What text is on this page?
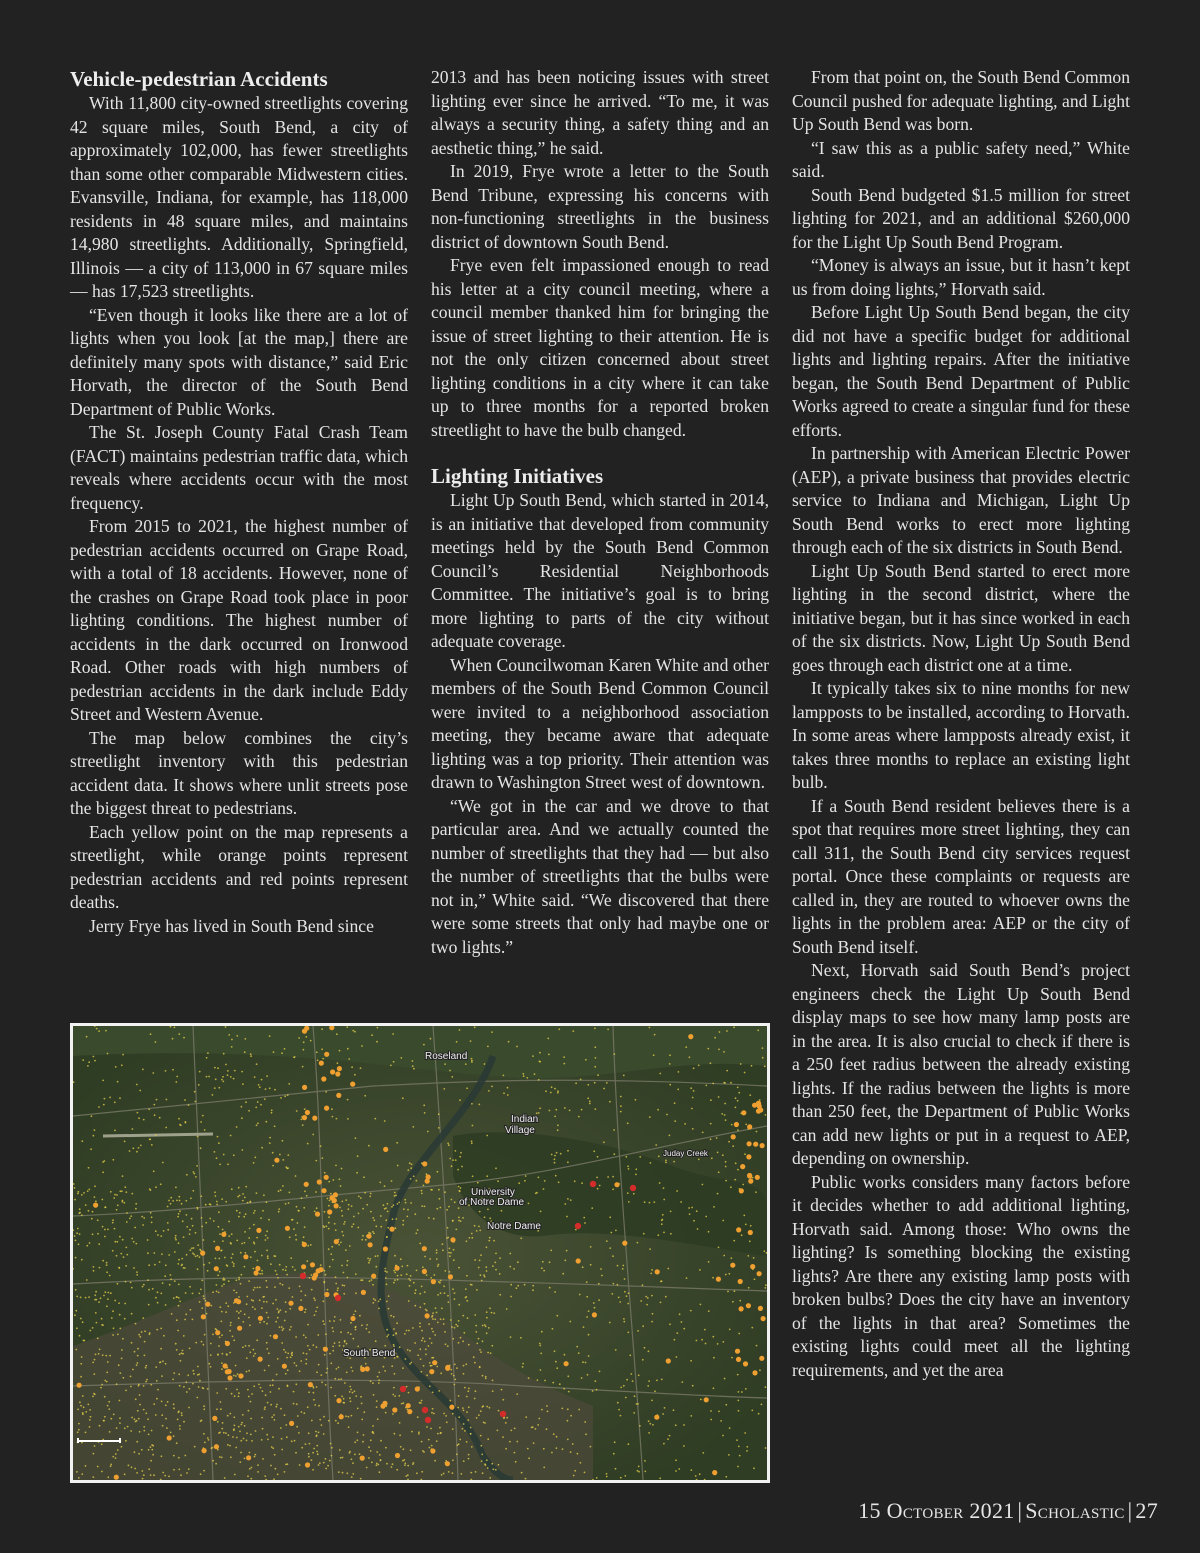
Vehicle-pedestrian Accidents

With 11,800 city-owned streetlights covering 42 square miles, South Bend, a city of approximately 102,000, has fewer streetlights than some other comparable Midwestern cities. Evansville, Indiana, for example, has 118,000 residents in 48 square miles, and maintains 14,980 streetlights. Additionally, Springfield, Illinois — a city of 113,000 in 67 square miles — has 17,523 streetlights.

“Even though it looks like there are a lot of lights when you look [at the map,] there are definitely many spots with distance,” said Eric Horvath, the director of the South Bend Department of Public Works.

The St. Joseph County Fatal Crash Team (FACT) maintains pedestrian traffic data, which reveals where accidents occur with the most frequency.

From 2015 to 2021, the highest number of pedestrian accidents occurred on Grape Road, with a total of 18 accidents. However, none of the crashes on Grape Road took place in poor lighting conditions. The highest number of accidents in the dark occurred on Ironwood Road. Other roads with high numbers of pedestrian accidents in the dark include Eddy Street and Western Avenue.

The map below combines the city’s streetlight inventory with this pedestrian accident data. It shows where unlit streets pose the biggest threat to pedestrians.

Each yellow point on the map represents a streetlight, while orange points represent pedestrian accidents and red points represent deaths.

Jerry Frye has lived in South Bend since

2013 and has been noticing issues with street lighting ever since he arrived. “To me, it was always a security thing, a safety thing and an aesthetic thing,” he said.

In 2019, Frye wrote a letter to the South Bend Tribune, expressing his concerns with non-functioning streetlights in the business district of downtown South Bend.

Frye even felt impassioned enough to read his letter at a city council meeting, where a council member thanked him for bringing the issue of street lighting to their attention. He is not the only citizen concerned about street lighting conditions in a city where it can take up to three months for a reported broken streetlight to have the bulb changed.

Lighting Initiatives

Light Up South Bend, which started in 2014, is an initiative that developed from community meetings held by the South Bend Common Council’s Residential Neighborhoods Committee. The initiative’s goal is to bring more lighting to parts of the city without adequate coverage.

When Councilwoman Karen White and other members of the South Bend Common Council were invited to a neighborhood association meeting, they became aware that adequate lighting was a top priority. Their attention was drawn to Washington Street west of downtown.

“We got in the car and we drove to that particular area. And we actually counted the number of streetlights that they had — but also the number of streetlights that the bulbs were not in,” White said. “We discovered that there were some streets that only had maybe one or two lights.”

From that point on, the South Bend Common Council pushed for adequate lighting, and Light Up South Bend was born.

“I saw this as a public safety need,” White said.

South Bend budgeted $1.5 million for street lighting for 2021, and an additional $260,000 for the Light Up South Bend Program.

“Money is always an issue, but it hasn’t kept us from doing lights,” Horvath said.

Before Light Up South Bend began, the city did not have a specific budget for additional lights and lighting repairs. After the initiative began, the South Bend Department of Public Works agreed to create a singular fund for these efforts.

In partnership with American Electric Power (AEP), a private business that provides electric service to Indiana and Michigan, Light Up South Bend works to erect more lighting through each of the six districts in South Bend.

Light Up South Bend started to erect more lighting in the second district, where the initiative began, but it has since worked in each of the six districts. Now, Light Up South Bend goes through each district one at a time.

It typically takes six to nine months for new lampposts to be installed, according to Horvath. In some areas where lampposts already exist, it takes three months to replace an existing light bulb.

If a South Bend resident believes there is a spot that requires more street lighting, they can call 311, the South Bend city services request portal. Once these complaints or requests are called in, they are routed to whoever owns the lights in the problem area: AEP or the city of South Bend itself.

Next, Horvath said South Bend’s project engineers check the Light Up South Bend display maps to see how many lamp posts are in the area. It is also crucial to check if there is a 250 feet radius between the already existing lights. If the radius between the lights is more than 250 feet, the Department of Public Works can add new lights or put in a request to AEP, depending on ownership.

Public works considers many factors before it decides whether to add additional lighting, Horvath said. Among those: Who owns the lighting? Is something blocking the existing lights? Are there any existing lamp posts with broken bulbs? Does the city have an inventory of the lights in that area? Sometimes the existing lights could meet all the lighting requirements, and yet the area

Roseland
Indian
Village
University
of Notre Dame
Notre Dame
South Bend
Juday Creek
15 October 2021 | Scholastic | 27
